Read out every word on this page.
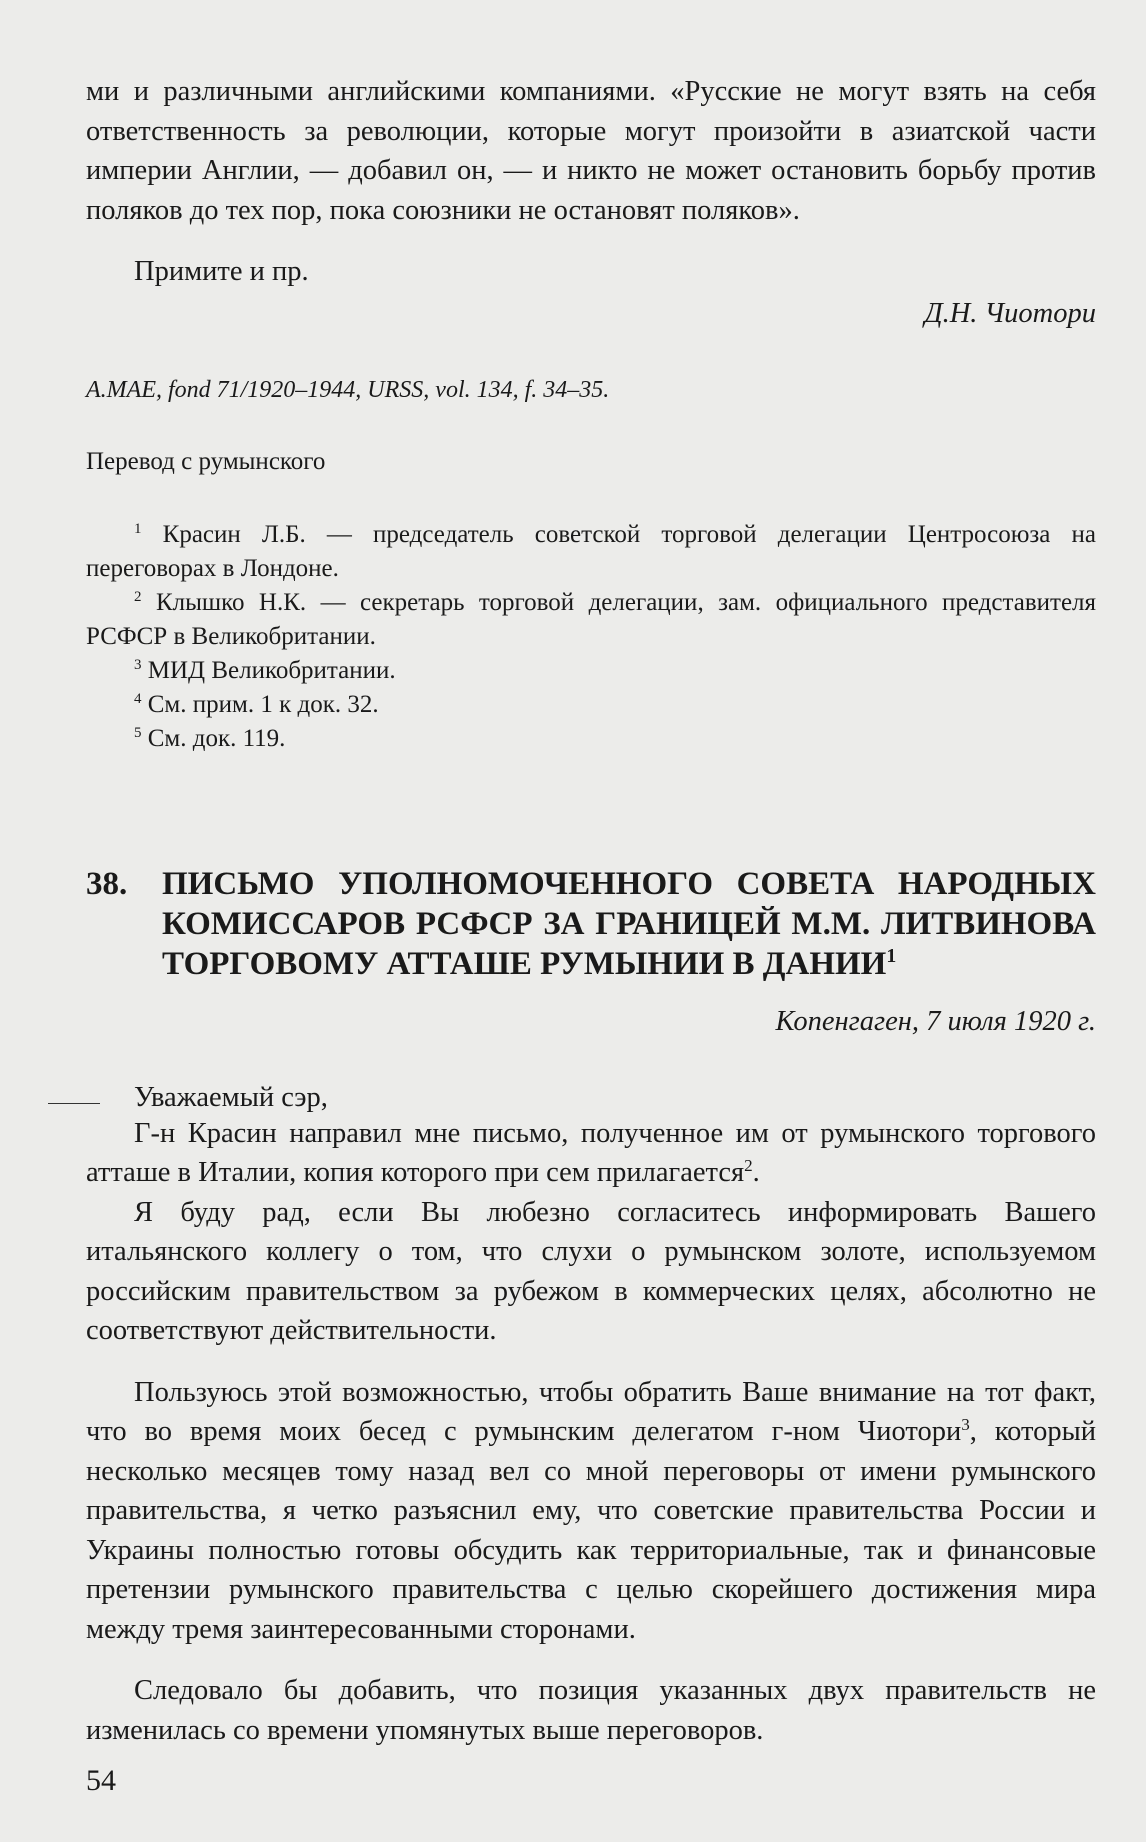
ми и различными английскими компаниями. «Русские не могут взять на себя ответственность за революции, которые могут произойти в азиатской части империи Англии, — добавил он, — и никто не может остановить борьбу против поляков до тех пор, пока союзники не остановят поляков».

Примите и пр.

Д.Н. Чиотори

A.MAE, fond 71/1920–1944, URSS, vol. 134, f. 34–35.

Перевод с румынского

$^1$ Красин Л.Б. — председатель советской торговой делегации Центросоюза на переговорах в Лондоне.

$^2$ Клышко Н.К. — секретарь торговой делегации, зам. официального представителя РСФСР в Великобритании.

$^3$ МИД Великобритании.

$^4$ См. прим. 1 к док. 32.

$^5$ См. док. 119.

38.	ПИСЬМО УПОЛНОМОЧЕННОГО СОВЕТА НАРОДНЫХ КОМИССАРОВ РСФСР ЗА ГРАНИЦЕЙ М.М. ЛИТВИНОВА ТОРГОВОМУ АТТАШЕ РУМЫНИИ В ДАНИИ$^1$

Копенгаген, 7 июля 1920 г.

Уважаемый сэр,

Г-н Красин направил мне письмо, полученное им от румынского торгового атташе в Италии, копия которого при сем прилагается$^2$.

Я буду рад, если Вы любезно согласитесь информировать Вашего итальянского коллегу о том, что слухи о румынском золоте, используемом российским правительством за рубежом в коммерческих целях, абсолютно не соответствуют действительности.

Пользуюсь этой возможностью, чтобы обратить Ваше внимание на тот факт, что во время моих бесед с румынским делегатом г-ном Чиотори$^3$, который несколько месяцев тому назад вел со мной переговоры от имени румынского правительства, я четко разъяснил ему, что советские правительства России и Украины полностью готовы обсудить как территориальные, так и финансовые претензии румынского правительства с целью скорейшего достижения мира между тремя заинтересованными сторонами.

Следовало бы добавить, что позиция указанных двух правительств не изменилась со времени упомянутых выше переговоров.

54
